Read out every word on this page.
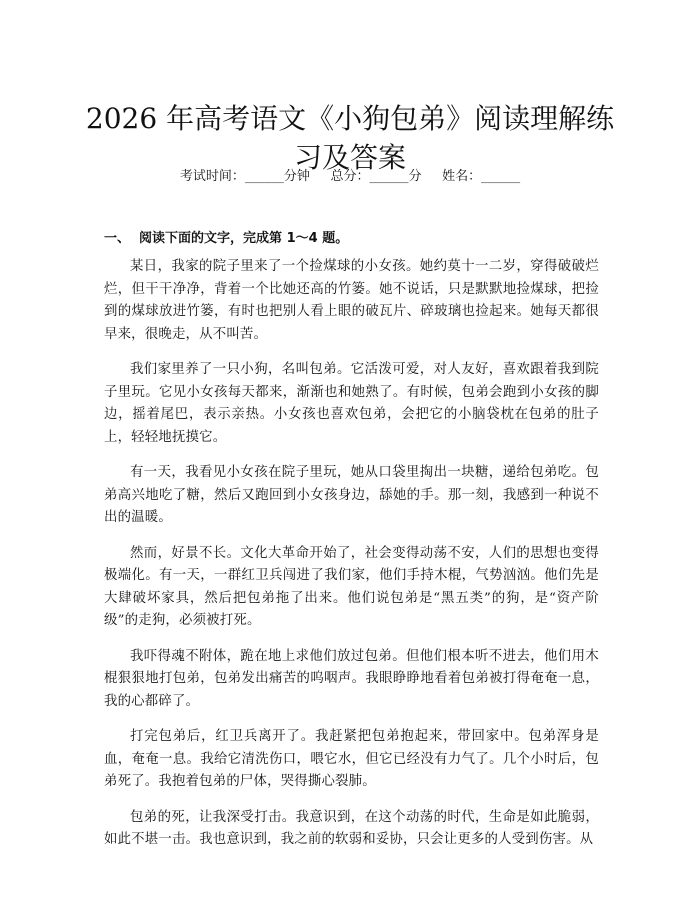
2026 年高考语文《小狗包弟》阅读理解练习及答案
考试时间：______分钟     总分：______分     姓名：______
一、  阅读下面的文字，完成第 1～4 题。

某日，我家的院子里来了一个捡煤球的小女孩。她约莫十一二岁，穿得破破烂烂，但干干净净，背着一个比她还高的竹篓。她不说话，只是默默地捡煤球，把捡到的煤球放进竹篓，有时也把别人看上眼的破瓦片、碎玻璃也捡起来。她每天都很早来，很晚走，从不叫苦。

我们家里养了一只小狗，名叫包弟。它活泼可爱，对人友好，喜欢跟着我到院子里玩。它见小女孩每天都来，渐渐也和她熟了。有时候，包弟会跑到小女孩的脚边，摇着尾巴，表示亲热。小女孩也喜欢包弟，会把它的小脑袋枕在包弟的肚子上，轻轻地抚摸它。

有一天，我看见小女孩在院子里玩，她从口袋里掏出一块糖，递给包弟吃。包弟高兴地吃了糖，然后又跑回到小女孩身边，舔她的手。那一刻，我感到一种说不出的温暖。

然而，好景不长。文化大革命开始了，社会变得动荡不安，人们的思想也变得极端化。有一天，一群红卫兵闯进了我们家，他们手持木棍，气势汹汹。他们先是大肆破坏家具，然后把包弟拖了出来。他们说包弟是“黑五类”的狗，是“资产阶级”的走狗，必须被打死。

我吓得魂不附体，跪在地上求他们放过包弟。但他们根本听不进去，他们用木棍狠狠地打包弟，包弟发出痛苦的呜咽声。我眼睁睁地看着包弟被打得奄奄一息，我的心都碎了。

打完包弟后，红卫兵离开了。我赶紧把包弟抱起来，带回家中。包弟浑身是血，奄奄一息。我给它清洗伤口，喂它水，但它已经没有力气了。几个小时后，包弟死了。我抱着包弟的尸体，哭得撕心裂肺。

包弟的死，让我深受打击。我意识到，在这个动荡的时代，生命是如此脆弱，如此不堪一击。我也意识到，我之前的软弱和妥协，只会让更多的人受到伤害。从
